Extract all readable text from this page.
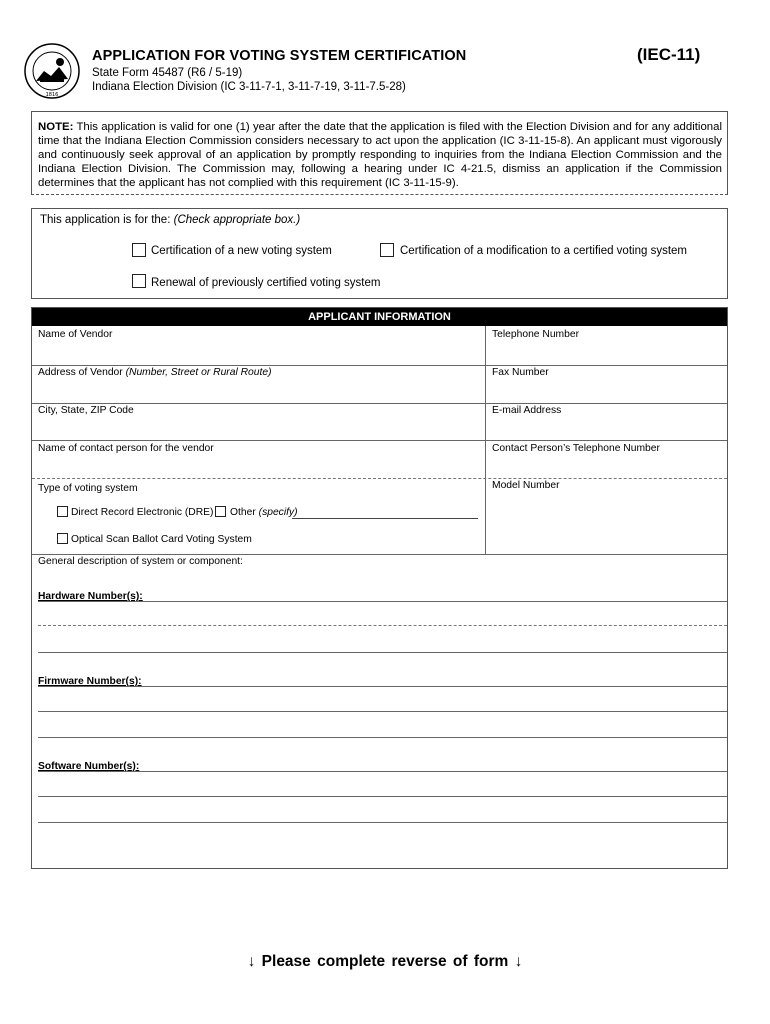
1816
APPLICATION FOR VOTING SYSTEM CERTIFICATION	(IEC-11)
State Form 45487 (R6 / 5-19)
Indiana Election Division (IC 3-11-7-1, 3-11-7-19, 3-11-7.5-28)
NOTE: This application is valid for one (1) year after the date that the application is filed with the Election Division and for any additional time that the Indiana Election Commission considers necessary to act upon the application (IC 3-11-15-8). An applicant must vigorously and continuously seek approval of an application by promptly responding to inquiries from the Indiana Election Commission and the Indiana Election Division. The Commission may, following a hearing under IC 4-21.5, dismiss an application if the Commission determines that the applicant has not complied with this requirement (IC 3-11-15-9).
This application is for the: (Check appropriate box.)
Certification of a new voting system	Certification of a modification to a certified voting system
Renewal of previously certified voting system
APPLICANT INFORMATION
Name of Vendor	Telephone Number
Address of Vendor (Number, Street or Rural Route)	Fax Number
City, State, ZIP Code	E-mail Address
Name of contact person for the vendor	Contact Person’s Telephone Number
Type of voting system	Model Number
Direct Record Electronic (DRE) Other (specify)
Optical Scan Ballot Card Voting System
General description of system or component:
Hardware Number(s):
Firmware Number(s):
Software Number(s):
↓ Please complete reverse of form ↓
